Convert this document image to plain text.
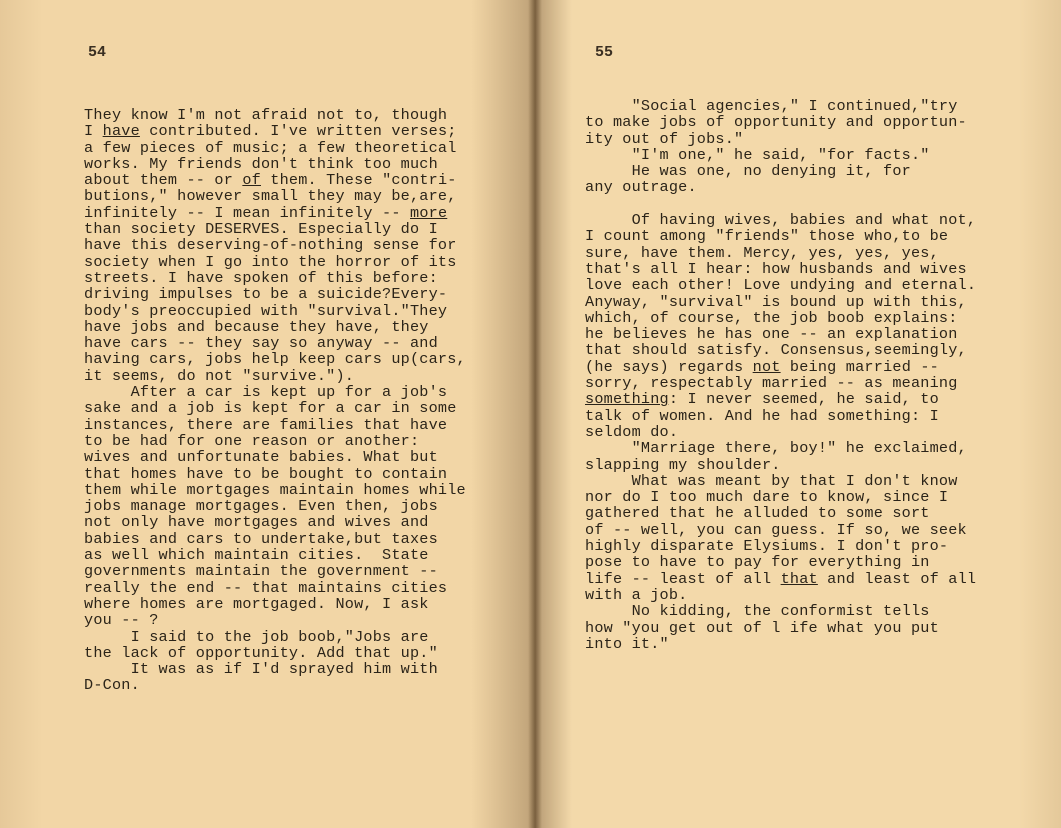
54
They know I'm not afraid not to, though
I have contributed. I've written verses;
a few pieces of music; a few theoretical
works. My friends don't think too much
about them -- or of them. These "contri-
butions," however small they may be,are,
infinitely -- I mean infinitely -- more
than society DESERVES. Especially do I
have this deserving-of-nothing sense for
society when I go into the horror of its
streets. I have spoken of this before:
driving impulses to be a suicide?Every-
body's preoccupied with "survival."They
have jobs and because they have, they
have cars -- they say so anyway -- and
having cars, jobs help keep cars up(cars,
it seems, do not "survive.").
After a car is kept up for a job's
sake and a job is kept for a car in some
instances, there are families that have
to be had for one reason or another:
wives and unfortunate babies. What but
that homes have to be bought to contain
them while mortgages maintain homes while
jobs manage mortgages. Even then, jobs
not only have mortgages and wives and
babies and cars to undertake,but taxes
as well which maintain cities.  State
governments maintain the government --
really the end -- that maintains cities
where homes are mortgaged. Now, I ask
you -- ?
I said to the job boob,"Jobs are
the lack of opportunity. Add that up."
It was as if I'd sprayed him with
D-Con.
55
"Social agencies," I continued,"try
to make jobs of opportunity and opportun-
ity out of jobs."
"I'm one," he said, "for facts."
He was one, no denying it, for
any outrage.
Of having wives, babies and what not,
I count among "friends" those who,to be
sure, have them. Mercy, yes, yes, yes,
that's all I hear: how husbands and wives
love each other! Love undying and eternal.
Anyway, "survival" is bound up with this,
which, of course, the job boob explains:
he believes he has one -- an explanation
that should satisfy. Consensus,seemingly,
(he says) regards not being married --
sorry, respectably married -- as meaning
something: I never seemed, he said, to
talk of women. And he had something: I
seldom do.
"Marriage there, boy!" he exclaimed,
slapping my shoulder.
What was meant by that I don't know
nor do I too much dare to know, since I
gathered that he alluded to some sort
of -- well, you can guess. If so, we seek
highly disparate Elysiums. I don't pro-
pose to have to pay for everything in
life -- least of all that and least of all
with a job.
No kidding, the conformist tells
how "you get out of l ife what you put
into it."
